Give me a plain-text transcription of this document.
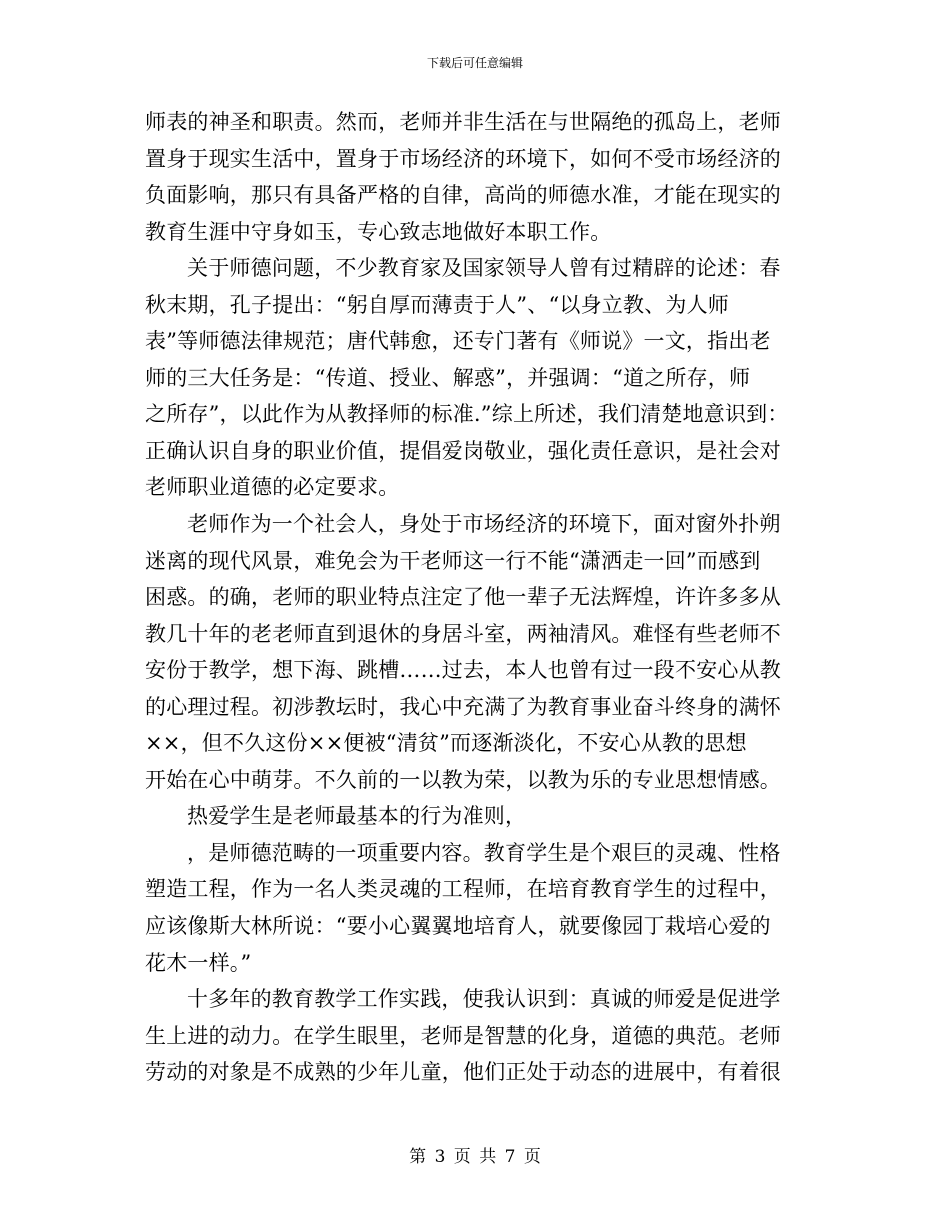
下载后可任意编辑
师表的神圣和职责。然而，老师并非生活在与世隔绝的孤岛上，老师
置身于现实生活中，置身于市场经济的环境下，如何不受市场经济的
负面影响，那只有具备严格的自律，高尚的师德水准，才能在现实的
教育生涯中守身如玉，专心致志地做好本职工作。
关于师德问题，不少教育家及国家领导人曾有过精辟的论述：春
秋末期，孔子提出：“躬自厚而薄责于人”、“以身立教、为人师
表”等师德法律规范；唐代韩愈，还专门著有《师说》一文，指出老
师的三大任务是：“传道、授业、解惑”，并强调：“道之所存，师
之所存”，以此作为从教择师的标准.”综上所述，我们清楚地意识到：
正确认识自身的职业价值，提倡爱岗敬业，强化责任意识，是社会对
老师职业道德的必定要求。
老师作为一个社会人，身处于市场经济的环境下，面对窗外扑朔
迷离的现代风景，难免会为干老师这一行不能“潇洒走一回”而感到
困惑。的确，老师的职业特点注定了他一辈子无法辉煌，许许多多从
教几十年的老老师直到退休的身居斗室，两袖清风。难怪有些老师不
安份于教学，想下海、跳槽……过去，本人也曾有过一段不安心从教
的心理过程。初涉教坛时，我心中充满了为教育事业奋斗终身的满怀
××，但不久这份××便被“清贫”而逐渐淡化，不安心从教的思想
开始在心中萌芽。不久前的一以教为荣，以教为乐的专业思想情感。
热爱学生是老师最基本的行为准则，
，是师德范畴的一项重要内容。教育学生是个艰巨的灵魂、性格
塑造工程，作为一名人类灵魂的工程师，在培育教育学生的过程中，
应该像斯大林所说：“要小心翼翼地培育人，就要像园丁栽培心爱的
花木一样。”
十多年的教育教学工作实践，使我认识到：真诚的师爱是促进学
生上进的动力。在学生眼里，老师是智慧的化身，道德的典范。老师
劳动的对象是不成熟的少年儿童，他们正处于动态的进展中，有着很
第 3 页 共 7 页
